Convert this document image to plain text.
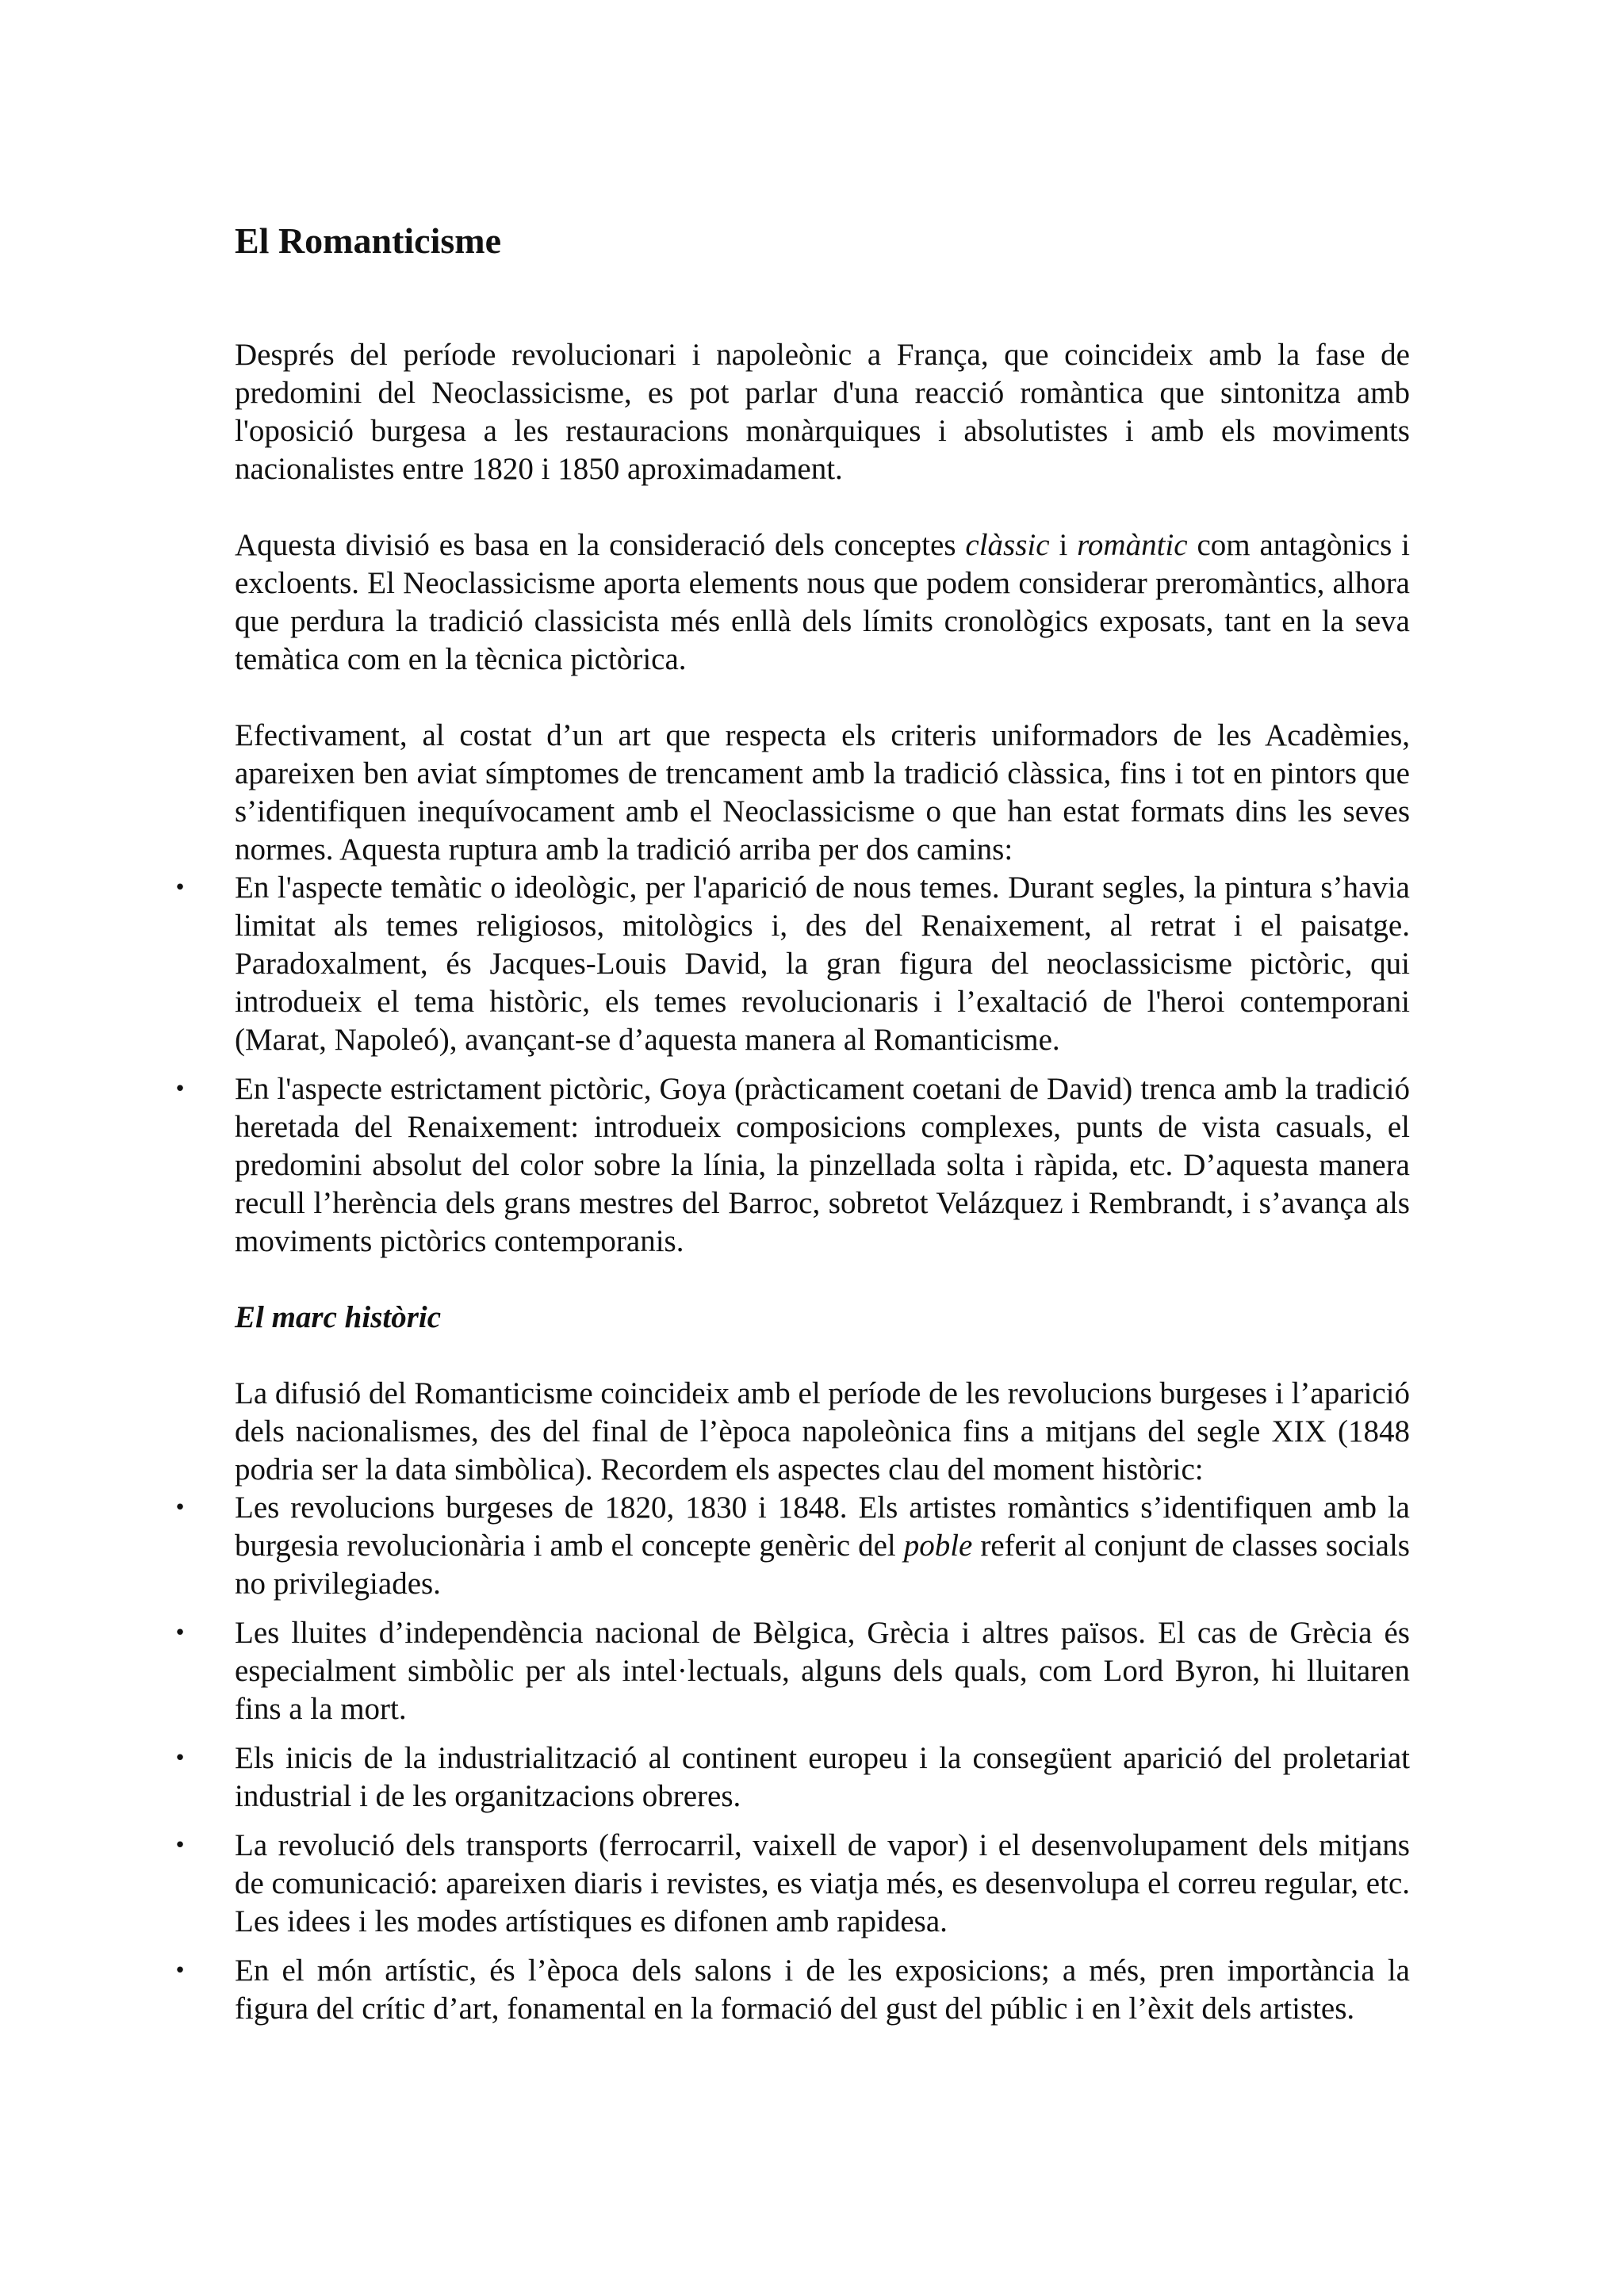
El Romanticisme

Després del període revolucionari i napoleònic a França, que coincideix amb la fase de predomini del Neoclassicisme, es pot parlar d'una reacció romàntica que sintonitza amb l'oposició burgesa a les restauracions monàrquiques i absolutistes i amb els moviments nacionalistes entre 1820 i 1850 aproximadament.

Aquesta divisió es basa en la consideració dels conceptes clàssic i romàntic com antagònics i excloents. El Neoclassicisme aporta elements nous que podem considerar preromàntics, alhora que perdura la tradició classicista més enllà dels límits cronològics exposats, tant en la seva temàtica com en la tècnica pictòrica.

Efectivament, al costat d’un art que respecta els criteris uniformadors de les Acadèmies, apareixen ben aviat símptomes de trencament amb la tradició clàssica, fins i tot en pintors que s’identifiquen inequívocament amb el Neoclassicisme o que han estat formats dins les seves normes. Aquesta ruptura amb la tradició arriba per dos camins:

• En l'aspecte temàtic o ideològic, per l'aparició de nous temes. Durant segles, la pintura s’havia limitat als temes religiosos, mitològics i, des del Renaixement, al retrat i el paisatge. Paradoxalment, és Jacques-Louis David, la gran figura del neoclassicisme pictòric, qui introdueix el tema històric, els temes revolucionaris i l’exaltació de l'heroi contemporani (Marat, Napoleó), avançant-se d’aquesta manera al Romanticisme.
• En l'aspecte estrictament pictòric, Goya (pràcticament coetani de David) trenca amb la tradició heretada del Renaixement: introdueix composicions complexes, punts de vista casuals, el predomini absolut del color sobre la línia, la pinzellada solta i ràpida, etc. D’aquesta manera recull l’herència dels grans mestres del Barroc, sobretot Velázquez i Rembrandt, i s’avança als moviments pictòrics contemporanis.

El marc històric

La difusió del Romanticisme coincideix amb el període de les revolucions burgeses i l’aparició dels nacionalismes, des del final de l’època napoleònica fins a mitjans del segle XIX (1848 podria ser la data simbòlica). Recordem els aspectes clau del moment històric:

• Les revolucions burgeses de 1820, 1830 i 1848. Els artistes romàntics s’identifiquen amb la burgesia revolucionària i amb el concepte genèric del poble referit al conjunt de classes socials no privilegiades.
• Les lluites d’independència nacional de Bèlgica, Grècia i altres països. El cas de Grècia és especialment simbòlic per als intel·lectuals, alguns dels quals, com Lord Byron, hi lluitaren fins a la mort.
• Els inicis de la industrialització al continent europeu i la consegüent aparició del proletariat industrial i de les organitzacions obreres.
• La revolució dels transports (ferrocarril, vaixell de vapor) i el desenvolupament dels mitjans de comunicació: apareixen diaris i revistes, es viatja més, es desenvolupa el correu regular, etc. Les idees i les modes artístiques es difonen amb rapidesa.
• En el món artístic, és l’època dels salons i de les exposicions; a més, pren importància la figura del crític d’art, fonamental en la formació del gust del públic i en l’èxit dels artistes.
